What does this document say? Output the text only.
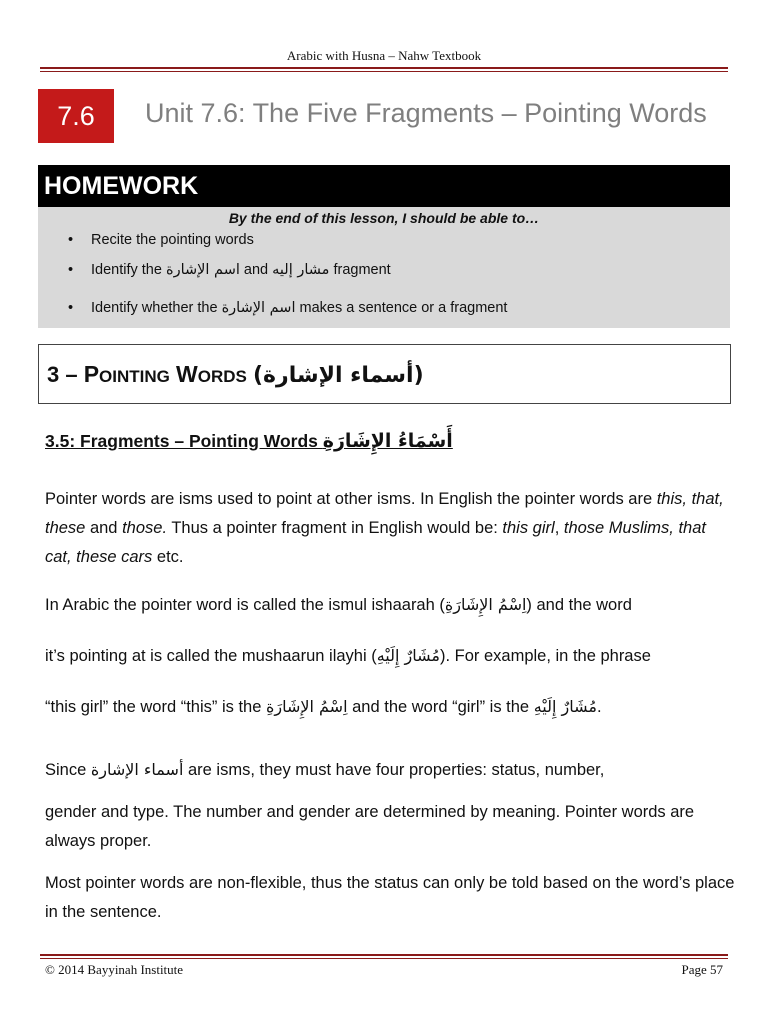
Arabic with Husna – Nahw Textbook
7.6	Unit 7.6: The Five Fragments – Pointing Words
HOMEWORK
By the end of this lesson, I should be able to…
• Recite the pointing words
• Identify the اسم الإشارة and مشار إليه fragment
• Identify whether the اسم الإشارة makes a sentence or a fragment
3 – POINTING WORDS (أسماء الإشارة)
3.5: Fragments – Pointing Words أَسْمَاءُ الإِشَارَةِ
Pointer words are isms used to point at other isms. In English the pointer words are this, that, these and those. Thus a pointer fragment in English would be: this girl, those Muslims, that cat, these cars etc.
In Arabic the pointer word is called the ismul ishaarah (اِسْمُ الإِشَارَةِ) and the word
it’s pointing at is called the mushaarun ilayhi (مُشَارٌ إِلَيْهِ). For example, in the phrase
“this girl” the word “this” is the اِسْمُ الإِشَارَةِ and the word “girl” is the مُشَارٌ إِلَيْهِ.
Since أسماء الإشارة are isms, they must have four properties: status, number,
gender and type. The number and gender are determined by meaning. Pointer words are always proper.
Most pointer words are non-flexible, thus the status can only be told based on the word’s place in the sentence.
© 2014 Bayyinah Institute	Page 57
